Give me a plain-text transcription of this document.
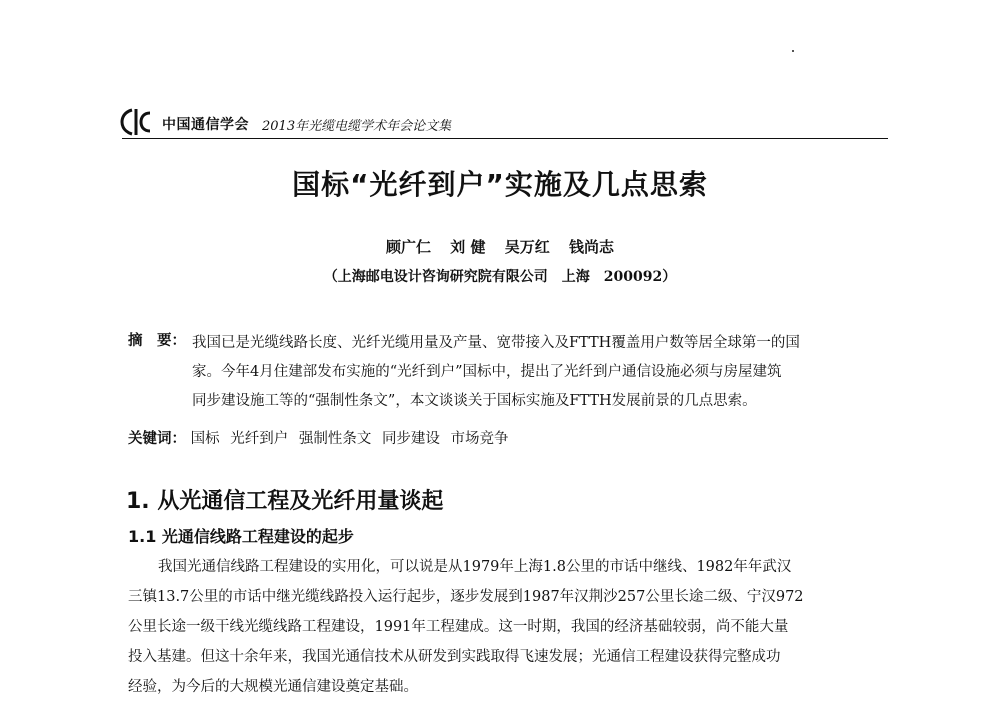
中国通信学会 2013年光缆电缆学术年会论文集
国标“光纤到户”实施及几点思索
顾广仁 刘 健 吴万红 钱尚志
（上海邮电设计咨询研究院有限公司　上海　200092）
摘　要： 我国已是光缆线路长度、光纤光缆用量及产量、宽带接入及FTTH覆盖用户数等居全球第一的国
家。今年4月住建部发布实施的“光纤到户”国标中，提出了光纤到户通信设施必须与房屋建筑
同步建设施工等的“强制性条文”，本文谈谈关于国标实施及FTTH发展前景的几点思索。
关键词： 国标 光纤到户 强制性条文 同步建设 市场竞争
1. 从光通信工程及光纤用量谈起
1.1 光通信线路工程建设的起步
我国光通信线路工程建设的实用化，可以说是从1979年上海1.8公里的市话中继线、1982年年武汉
三镇13.7公里的市话中继光缆线路投入运行起步，逐步发展到1987年汉荆沙257公里长途二级、宁汉972
公里长途一级干线光缆线路工程建设，1991年工程建成。这一时期，我国的经济基础较弱，尚不能大量
投入基建。但这十余年来，我国光通信技术从研发到实践取得飞速发展；光通信工程建设获得完整成功
经验，为今后的大规模光通信建设奠定基础。
